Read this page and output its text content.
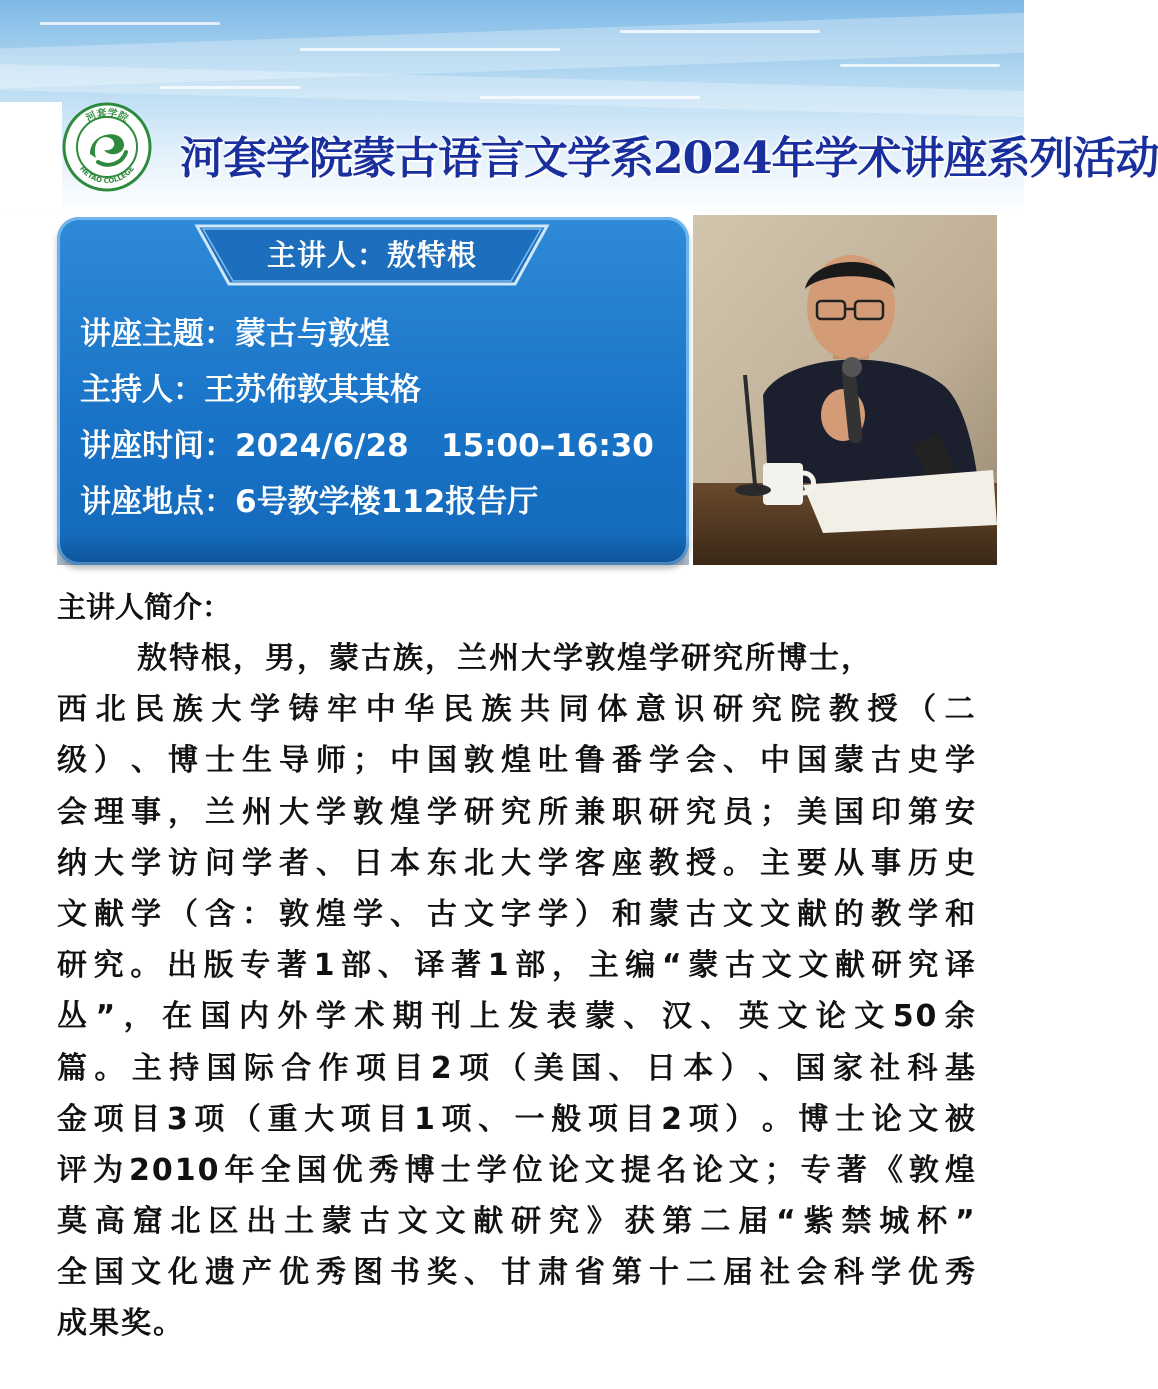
河套学院
HETAO COLLEGE 河套学院蒙古语言文学系2024年学术讲座系列活动
主讲人：敖特根
讲座主题：蒙古与敦煌
主持人：王苏佈敦其其格
讲座时间：2024/6/28   15:00–16:30
讲座地点：6号教学楼112报告厅
主讲人简介：
敖特根，男，蒙古族，兰州大学敦煌学研究所博士，
西 北 民 族 大 学 铸 牢 中 华 民 族 共 同 体 意 识 研 究 院 教 授 （ 二
级 ） 、 博 士 生 导 师 ； 中 国 敦 煌 吐 鲁 番 学 会 、 中 国 蒙 古 史 学
会 理 事 ， 兰 州 大 学 敦 煌 学 研 究 所 兼 职 研 究 员 ； 美 国 印 第 安
纳 大 学 访 问 学 者 、 日 本 东 北 大 学 客 座 教 授 。 主 要 从 事 历 史
文 献 学 （ 含 ： 敦 煌 学 、 古 文 字 学 ） 和 蒙 古 文 文 献 的 教 学 和
研 究 。 出 版 专 著 1 部 、 译 著 1 部 ， 主 编 “ 蒙 古 文 文 献 研 究 译
丛 ” ， 在 国 内 外 学 术 期 刊 上 发 表 蒙 、 汉 、 英 文 论 文 50 余
篇 。 主 持 国 际 合 作 项 目 2 项 （ 美 国 、 日 本 ） 、 国 家 社 科 基
金 项 目 3 项 （ 重 大 项 目 1 项 、 一 般 项 目 2 项 ） 。 博 士 论 文 被
评 为 2010 年 全 国 优 秀 博 士 学 位 论 文 提 名 论 文 ； 专 著 《 敦 煌
莫 高 窟 北 区 出 土 蒙 古 文 文 献 研 究 》 获 第 二 届 “ 紫 禁 城 杯 ”
全 国 文 化 遗 产 优 秀 图 书 奖 、 甘 肃 省 第 十 二 届 社 会 科 学 优 秀
成果奖。
